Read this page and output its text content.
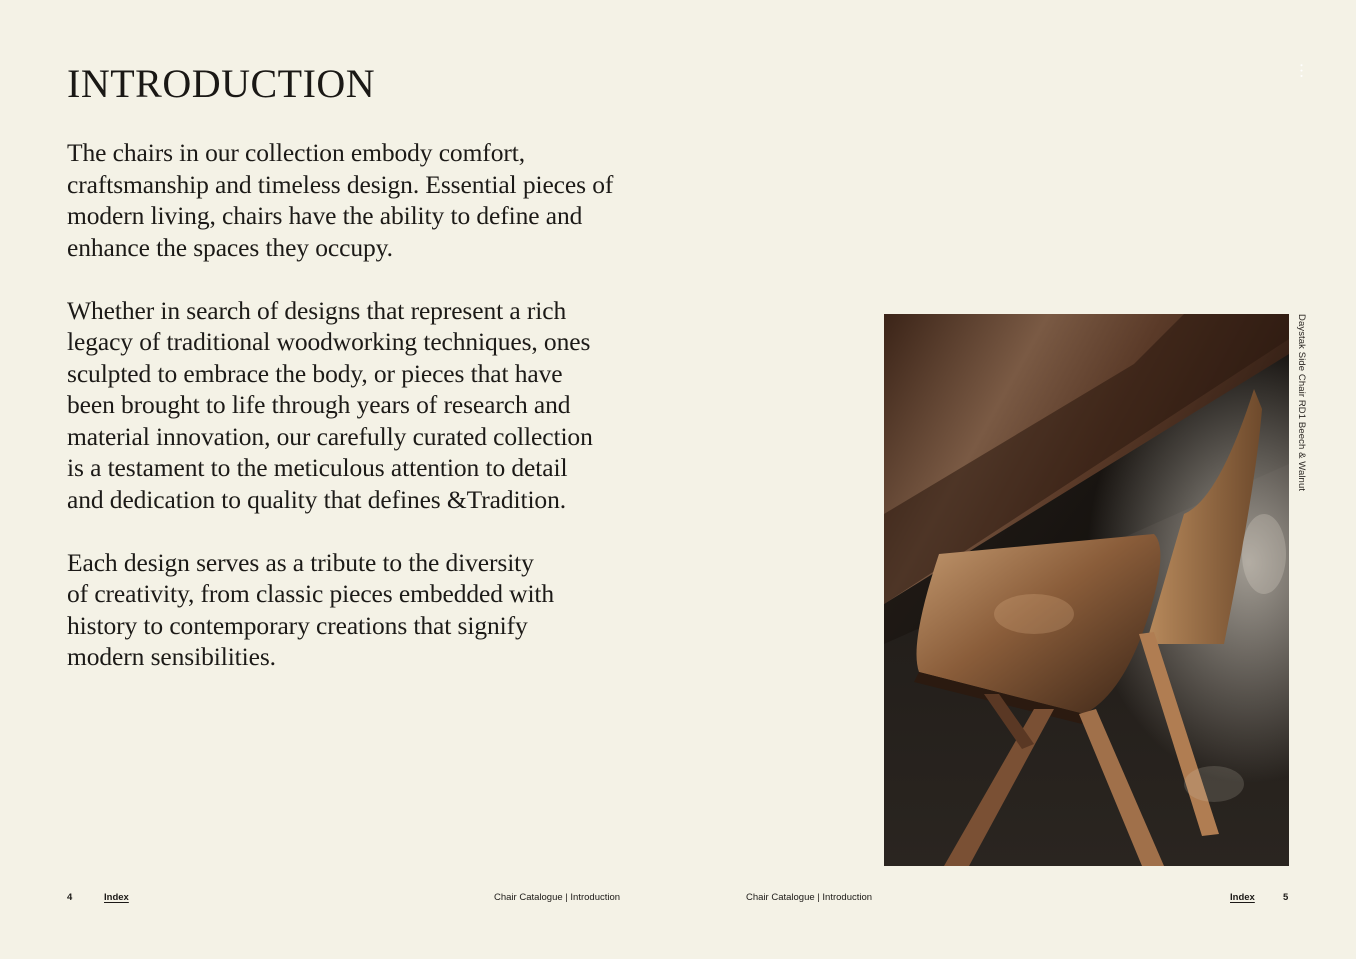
INTRODUCTION

The chairs in our collection embody comfort,
craftsmanship and timeless design. Essential pieces of
modern living, chairs have the ability to define and
enhance the spaces they occupy.

Whether in search of designs that represent a rich
legacy of traditional woodworking techniques, ones
sculpted to embrace the body, or pieces that have
been brought to life through years of research and
material innovation, our carefully curated collection
is a testament to the meticulous attention to detail
and dedication to quality that defines &Tradition.

Each design serves as a tribute to the diversity
of creativity, from classic pieces embedded with
history to contemporary creations that signify
modern sensibilities.

4	Index	Chair Catalogue | Introduction
• • •
Daystak Side Chair RD1 Beech & Walnut
Chair Catalogue | Introduction	Index	5
